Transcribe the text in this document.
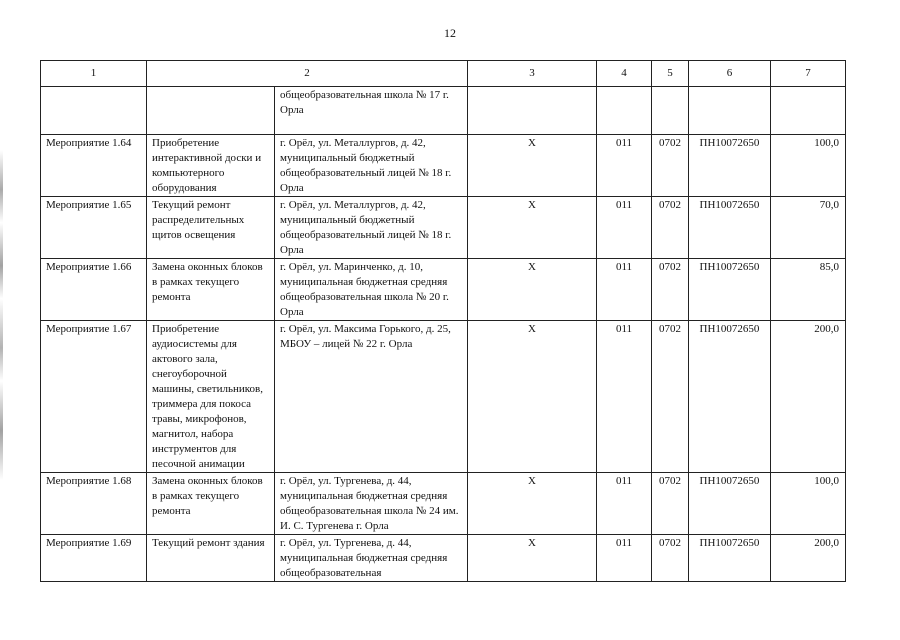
12
1	2		3	4	5	6	7
		общеобразовательная школа № 17 г. Орла					
Мероприятие 1.64	Приобретение интерактивной доски и компьютерного оборудования	г. Орёл, ул. Металлургов, д. 42, муниципальный бюджетный общеобразовательный лицей № 18 г. Орла	Х	011	0702	ПН10072650	100,0
Мероприятие 1.65	Текущий ремонт распределительных щитов освещения	г. Орёл, ул. Металлургов, д. 42, муниципальный бюджетный общеобразовательный лицей № 18 г. Орла	Х	011	0702	ПН10072650	70,0
Мероприятие 1.66	Замена оконных блоков в рамках текущего ремонта	г. Орёл, ул. Маринченко, д. 10, муниципальная бюджетная средняя общеобразовательная школа № 20 г. Орла	Х	011	0702	ПН10072650	85,0
Мероприятие 1.67	Приобретение аудиосистемы для актового зала, снегоуборочной машины, светильников, триммера для покоса травы, микрофонов, магнитол, набора инструментов для песочной анимации	г. Орёл, ул. Максима Горького, д. 25, МБОУ – лицей № 22 г. Орла	Х	011	0702	ПН10072650	200,0
Мероприятие 1.68	Замена оконных блоков в рамках текущего ремонта	г. Орёл, ул. Тургенева, д. 44, муниципальная бюджетная средняя общеобразовательная школа № 24 им. И. С. Тургенева г. Орла	Х	011	0702	ПН10072650	100,0
Мероприятие 1.69	Текущий ремонт здания	г. Орёл, ул. Тургенева, д. 44, муниципальная бюджетная средняя общеобразовательная	Х	011	0702	ПН10072650	200,0
